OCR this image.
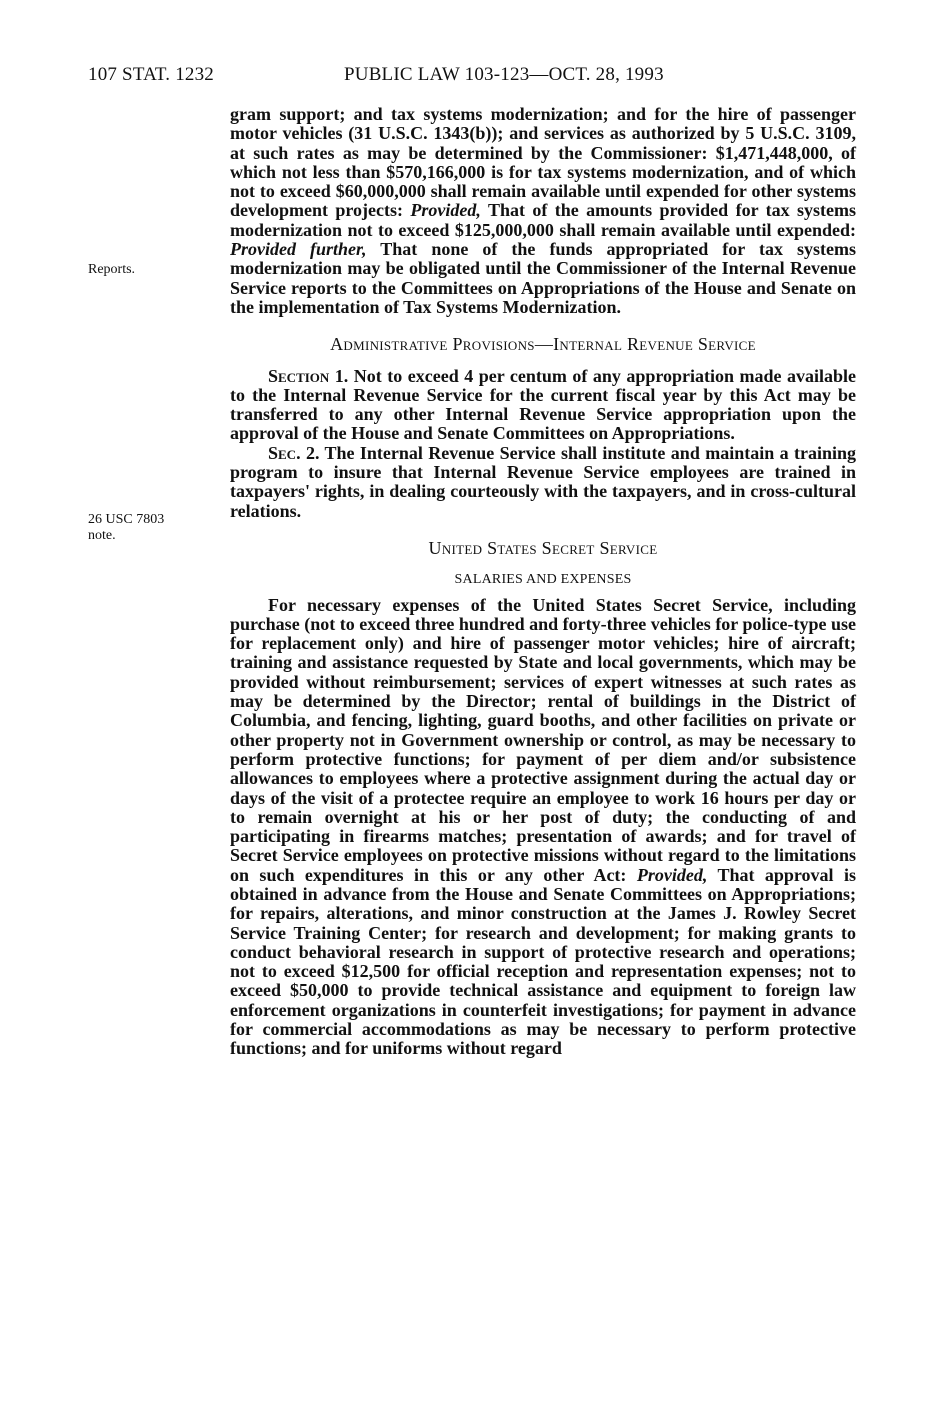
107 STAT. 1232	PUBLIC LAW 103-123—OCT. 28, 1993
Reports.
26 USC 7803
note.

gram support; and tax systems modernization; and for the hire of passenger motor vehicles (31 U.S.C. 1343(b)); and services as authorized by 5 U.S.C. 3109, at such rates as may be determined by the Commissioner: $1,471,448,000, of which not less than $570,166,000 is for tax systems modernization, and of which not to exceed $60,000,000 shall remain available until expended for other systems development projects: Provided, That of the amounts provided for tax systems modernization not to exceed $125,000,000 shall remain available until expended: Provided further, That none of the funds appropriated for tax systems modernization may be obligated until the Commissioner of the Internal Revenue Service reports to the Committees on Appropriations of the House and Senate on the implementation of Tax Systems Modernization.

Administrative Provisions—Internal Revenue Service

Section 1. Not to exceed 4 per centum of any appropriation made available to the Internal Revenue Service for the current fiscal year by this Act may be transferred to any other Internal Revenue Service appropriation upon the approval of the House and Senate Committees on Appropriations.

Sec. 2. The Internal Revenue Service shall institute and maintain a training program to insure that Internal Revenue Service employees are trained in taxpayers' rights, in dealing courteously with the taxpayers, and in cross-cultural relations.

United States Secret Service

SALARIES AND EXPENSES

For necessary expenses of the United States Secret Service, including purchase (not to exceed three hundred and forty-three vehicles for police-type use for replacement only) and hire of passenger motor vehicles; hire of aircraft; training and assistance requested by State and local governments, which may be provided without reimbursement; services of expert witnesses at such rates as may be determined by the Director; rental of buildings in the District of Columbia, and fencing, lighting, guard booths, and other facilities on private or other property not in Government ownership or control, as may be necessary to perform protective functions; for payment of per diem and/or subsistence allowances to employees where a protective assignment during the actual day or days of the visit of a protectee require an employee to work 16 hours per day or to remain overnight at his or her post of duty; the conducting of and participating in firearms matches; presentation of awards; and for travel of Secret Service employees on protective missions without regard to the limitations on such expenditures in this or any other Act: Provided, That approval is obtained in advance from the House and Senate Committees on Appropriations; for repairs, alterations, and minor construction at the James J. Rowley Secret Service Training Center; for research and development; for making grants to conduct behavioral research in support of protective research and operations; not to exceed $12,500 for official reception and representation expenses; not to exceed $50,000 to provide technical assistance and equipment to foreign law enforcement organizations in counterfeit investigations; for payment in advance for commercial accommodations as may be necessary to perform protective functions; and for uniforms without regard
